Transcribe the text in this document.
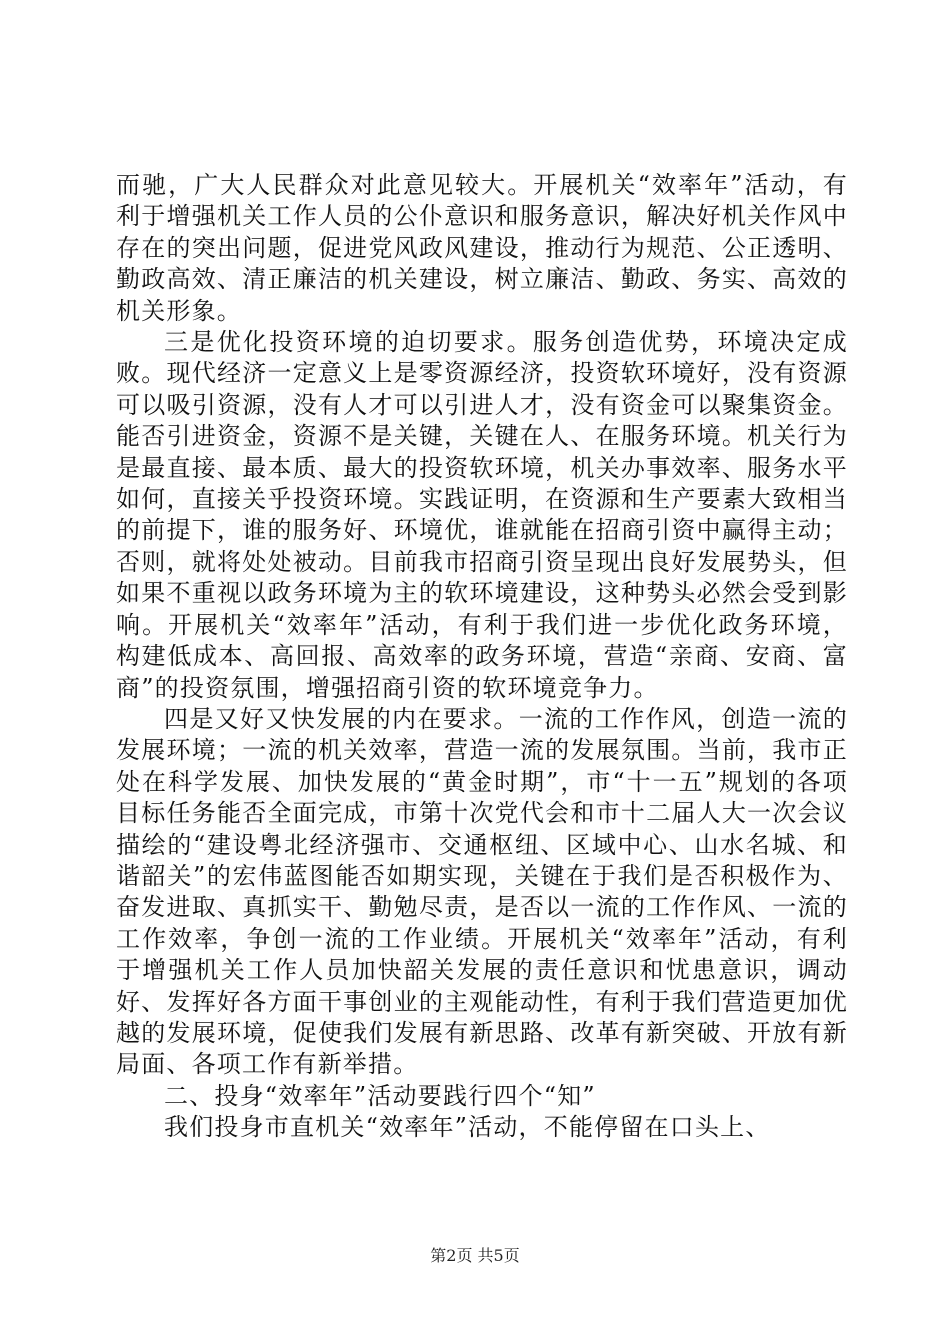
而驰，广大人民群众对此意见较大。开展机关“效率年”活动，有利于增强机关工作人员的公仆意识和服务意识，解决好机关作风中存在的突出问题，促进党风政风建设，推动行为规范、公正透明、勤政高效、清正廉洁的机关建设，树立廉洁、勤政、务实、高效的机关形象。

三是优化投资环境的迫切要求。服务创造优势，环境决定成败。现代经济一定意义上是零资源经济，投资软环境好，没有资源可以吸引资源，没有人才可以引进人才，没有资金可以聚集资金。能否引进资金，资源不是关键，关键在人、在服务环境。机关行为是最直接、最本质、最大的投资软环境，机关办事效率、服务水平如何，直接关乎投资环境。实践证明，在资源和生产要素大致相当的前提下，谁的服务好、环境优，谁就能在招商引资中赢得主动；否则，就将处处被动。目前我市招商引资呈现出良好发展势头，但如果不重视以政务环境为主的软环境建设，这种势头必然会受到影响。开展机关“效率年”活动，有利于我们进一步优化政务环境，构建低成本、高回报、高效率的政务环境，营造“亲商、安商、富商”的投资氛围，增强招商引资的软环境竞争力。

四是又好又快发展的内在要求。一流的工作作风，创造一流的发展环境；一流的机关效率，营造一流的发展氛围。当前，我市正处在科学发展、加快发展的“黄金时期”，市“十一五”规划的各项目标任务能否全面完成，市第十次党代会和市十二届人大一次会议描绘的“建设粤北经济强市、交通枢纽、区域中心、山水名城、和谐韶关”的宏伟蓝图能否如期实现，关键在于我们是否积极作为、奋发进取、真抓实干、勤勉尽责，是否以一流的工作作风、一流的工作效率，争创一流的工作业绩。开展机关“效率年”活动，有利于增强机关工作人员加快韶关发展的责任意识和忧患意识，调动好、发挥好各方面干事创业的主观能动性，有利于我们营造更加优越的发展环境，促使我们发展有新思路、改革有新突破、开放有新局面、各项工作有新举措。

二、投身“效率年”活动要践行四个“知”

我们投身市直机关“效率年”活动，不能停留在口头上、

第2页 共5页
